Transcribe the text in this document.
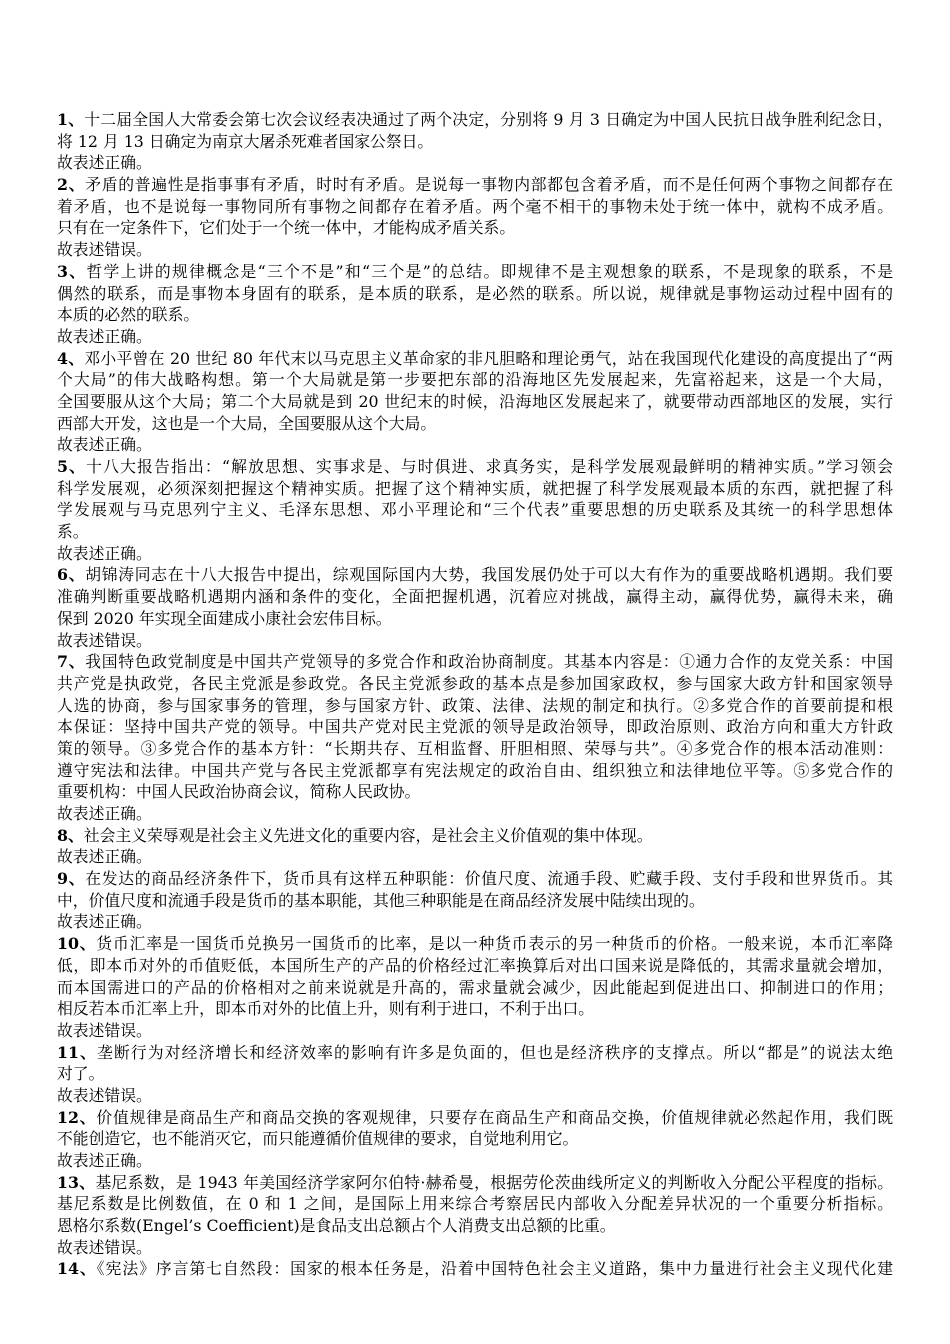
1、十二届全国人大常委会第七次会议经表决通过了两个决定，分别将 9 月 3 日确定为中国人民抗日战争胜利纪念日，
将 12 月 13 日确定为南京大屠杀死难者国家公祭日。
故表述正确。
2、矛盾的普遍性是指事事有矛盾，时时有矛盾。是说每一事物内部都包含着矛盾，而不是任何两个事物之间都存在
着矛盾，也不是说每一事物同所有事物之间都存在着矛盾。两个毫不相干的事物未处于统一体中，就构不成矛盾。
只有在一定条件下，它们处于一个统一体中，才能构成矛盾关系。
故表述错误。
3、哲学上讲的规律概念是“三个不是”和“三个是”的总结。即规律不是主观想象的联系，不是现象的联系，不是
偶然的联系，而是事物本身固有的联系，是本质的联系，是必然的联系。所以说，规律就是事物运动过程中固有的
本质的必然的联系。
故表述正确。
4、邓小平曾在 20 世纪 80 年代末以马克思主义革命家的非凡胆略和理论勇气，站在我国现代化建设的高度提出了“两
个大局”的伟大战略构想。第一个大局就是第一步要把东部的沿海地区先发展起来，先富裕起来，这是一个大局，
全国要服从这个大局；第二个大局就是到 20 世纪末的时候，沿海地区发展起来了，就要带动西部地区的发展，实行
西部大开发，这也是一个大局，全国要服从这个大局。
故表述正确。
5、十八大报告指出：“解放思想、实事求是、与时俱进、求真务实，是科学发展观最鲜明的精神实质。”学习领会
科学发展观，必须深刻把握这个精神实质。把握了这个精神实质，就把握了科学发展观最本质的东西，就把握了科
学发展观与马克思列宁主义、毛泽东思想、邓小平理论和“三个代表”重要思想的历史联系及其统一的科学思想体
系。
故表述正确。
6、胡锦涛同志在十八大报告中提出，综观国际国内大势，我国发展仍处于可以大有作为的重要战略机遇期。我们要
准确判断重要战略机遇期内涵和条件的变化，全面把握机遇，沉着应对挑战，赢得主动，赢得优势，赢得未来，确
保到 2020 年实现全面建成小康社会宏伟目标。
故表述错误。
7、我国特色政党制度是中国共产党领导的多党合作和政治协商制度。其基本内容是：①通力合作的友党关系：中国
共产党是执政党，各民主党派是参政党。各民主党派参政的基本点是参加国家政权，参与国家大政方针和国家领导
人选的协商，参与国家事务的管理，参与国家方针、政策、法律、法规的制定和执行。②多党合作的首要前提和根
本保证：坚持中国共产党的领导。中国共产党对民主党派的领导是政治领导，即政治原则、政治方向和重大方针政
策的领导。③多党合作的基本方针：“长期共存、互相监督、肝胆相照、荣辱与共”。④多党合作的根本活动准则：
遵守宪法和法律。中国共产党与各民主党派都享有宪法规定的政治自由、组织独立和法律地位平等。⑤多党合作的
重要机构：中国人民政治协商会议，简称人民政协。
故表述正确。
8、社会主义荣辱观是社会主义先进文化的重要内容，是社会主义价值观的集中体现。
故表述正确。
9、在发达的商品经济条件下，货币具有这样五种职能：价值尺度、流通手段、贮藏手段、支付手段和世界货币。其
中，价值尺度和流通手段是货币的基本职能，其他三种职能是在商品经济发展中陆续出现的。
故表述正确。
10、货币汇率是一国货币兑换另一国货币的比率，是以一种货币表示的另一种货币的价格。一般来说，本币汇率降
低，即本币对外的币值贬低，本国所生产的产品的价格经过汇率换算后对出口国来说是降低的，其需求量就会增加，
而本国需进口的产品的价格相对之前来说就是升高的，需求量就会减少，因此能起到促进出口、抑制进口的作用；
相反若本币汇率上升，即本币对外的比值上升，则有利于进口，不利于出口。
故表述错误。
11、垄断行为对经济增长和经济效率的影响有许多是负面的，但也是经济秩序的支撑点。所以“都是”的说法太绝
对了。
故表述错误。
12、价值规律是商品生产和商品交换的客观规律，只要存在商品生产和商品交换，价值规律就必然起作用，我们既
不能创造它，也不能消灭它，而只能遵循价值规律的要求，自觉地利用它。
故表述正确。
13、基尼系数，是 1943 年美国经济学家阿尔伯特·赫希曼，根据劳伦茨曲线所定义的判断收入分配公平程度的指标。
基尼系数是比例数值，在 0 和 1 之间，是国际上用来综合考察居民内部收入分配差异状况的一个重要分析指标。
恩格尔系数(Engel’s Coefficient)是食品支出总额占个人消费支出总额的比重。
故表述错误。
14、《宪法》序言第七自然段：国家的根本任务是，沿着中国特色社会主义道路，集中力量进行社会主义现代化建
